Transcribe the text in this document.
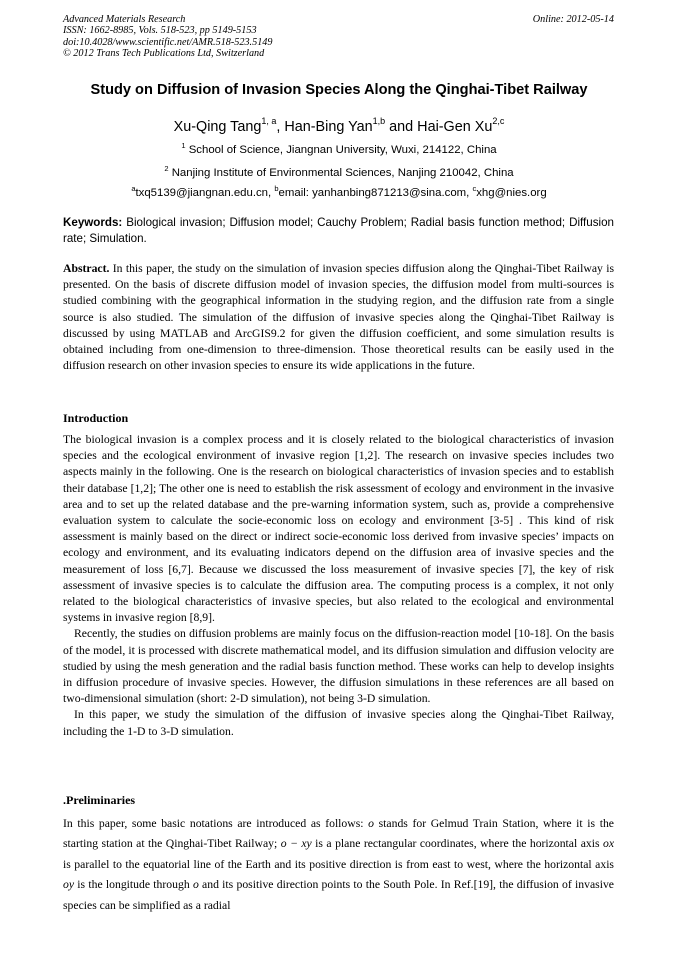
Advanced Materials Research
ISSN: 1662-8985, Vols. 518-523, pp 5149-5153
doi:10.4028/www.scientific.net/AMR.518-523.5149
© 2012 Trans Tech Publications Ltd, Switzerland
Online: 2012-05-14
Study on Diffusion of Invasion Species Along the Qinghai-Tibet Railway
Xu-Qing Tang$^{1, a}$, Han-Bing Yan$^{1,b}$ and Hai-Gen Xu$^{2,c}$
$^1$ School of Science, Jiangnan University, Wuxi, 214122, China
$^2$ Nanjing Institute of Environmental Sciences, Nanjing 210042, China
$^a$txq5139@jiangnan.edu.cn, $^b$email: yanhanbing871213@sina.com, $^c$xhg@nies.org
Keywords: Biological invasion; Diffusion model; Cauchy Problem; Radial basis function method; Diffusion rate; Simulation.
Abstract. In this paper, the study on the simulation of invasion species diffusion along the Qinghai-Tibet Railway is presented. On the basis of discrete diffusion model of invasion species, the diffusion model from multi-sources is studied combining with the geographical information in the studying region, and the diffusion rate from a single source is also studied. The simulation of the diffusion of invasive species along the Qinghai-Tibet Railway is discussed by using MATLAB and ArcGIS9.2 for given the diffusion coefficient, and some simulation results is obtained including from one-dimension to three-dimension. Those theoretical results can be easily used in the diffusion research on other invasion species to ensure its wide applications in the future.
Introduction

The biological invasion is a complex process and it is closely related to the biological characteristics of invasion species and the ecological environment of invasive region [1,2]. The research on invasive species includes two aspects mainly in the following. One is the research on biological characteristics of invasion species and to establish their database [1,2]; The other one is need to establish the risk assessment of ecology and environment in the invasive area and to set up the related database and the pre-warning information system, such as, provide a comprehensive evaluation system to calculate the socie-economic loss on ecology and environment [3-5] . This kind of risk assessment is mainly based on the direct or indirect socie-economic loss derived from invasive species’ impacts on ecology and environment, and its evaluating indicators depend on the diffusion area of invasive species and the measurement of loss [6,7]. Because we discussed the loss measurement of invasive species [7], the key of risk assessment of invasive species is to calculate the diffusion area. The computing process is a complex, it not only related to the biological characteristics of invasive species, but also related to the ecological and environmental systems in invasive region [8,9].

Recently, the studies on diffusion problems are mainly focus on the diffusion-reaction model [10-18]. On the basis of the model, it is processed with discrete mathematical model, and its diffusion simulation and diffusion velocity are studied by using the mesh generation and the radial basis function method. These works can help to develop insights in diffusion procedure of invasive species. However, the diffusion simulations in these references are all based on two-dimensional simulation (short: 2-D simulation), not being 3-D simulation.

In this paper, we study the simulation of the diffusion of invasive species along the Qinghai-Tibet Railway, including the 1-D to 3-D simulation.

.Preliminaries
In this paper, some basic notations are introduced as follows: o stands for Gelmud Train Station, where it is the starting station at the Qinghai-Tibet Railway; o − xy is a plane rectangular coordinates, where the horizontal axis ox is parallel to the equatorial line of the Earth and its positive direction is from east to west, where the horizontal axis oy is the longitude through o and its positive direction points to the South Pole. In Ref.[19], the diffusion of invasive species can be simplified as a radial
